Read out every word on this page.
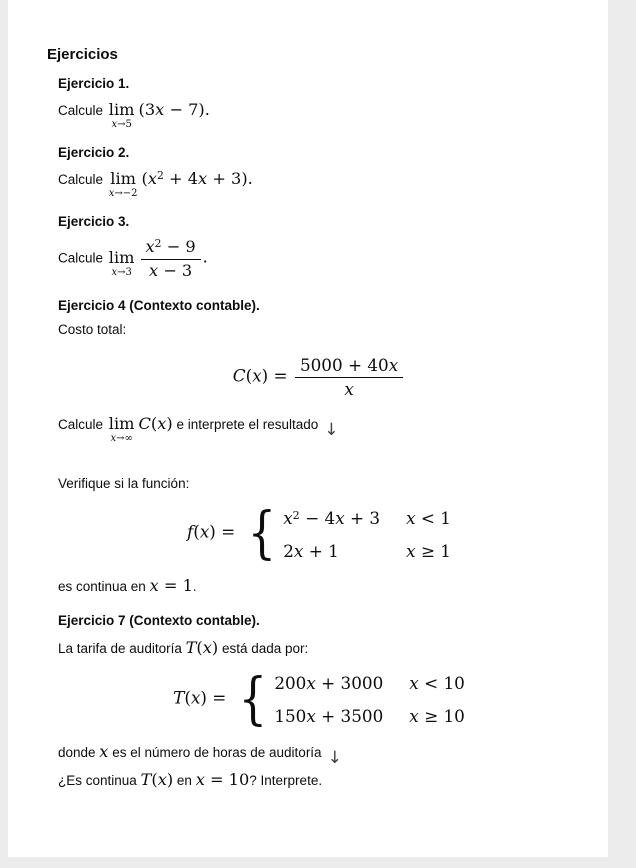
Ejercicios
Ejercicio 1.

Calcule lim
x→5
(3x − 7).

Ejercicio 2.

Calcule lim
x→−2
$(x^2 + 4x + 3)$.

Ejercicio 3.

Calcule lim
$x\to 3 \frac{x^2 - 9}{x - 3}$ .

Ejercicio 4 (Contexto contable).

Costo total:

$C(x) = \frac{5000 + 40x}{x}$

Calcule lim
x→∞
C(x) e interprete el resultado ↓

Verifique si la función:

f(x) = { $x^2 - 4x + 3$ x < 1
2x + 1	x ≥ 1

es continua en x = 1.

Ejercicio 7 (Contexto contable).

La tarifa de auditoría T(x) está dada por:

T(x) = { 200x + 3000 x < 10
150x + 3500 x ≥ 10

donde x es el número de horas de auditoría ↓

¿Es continua T(x) en x = 10? Interprete.
